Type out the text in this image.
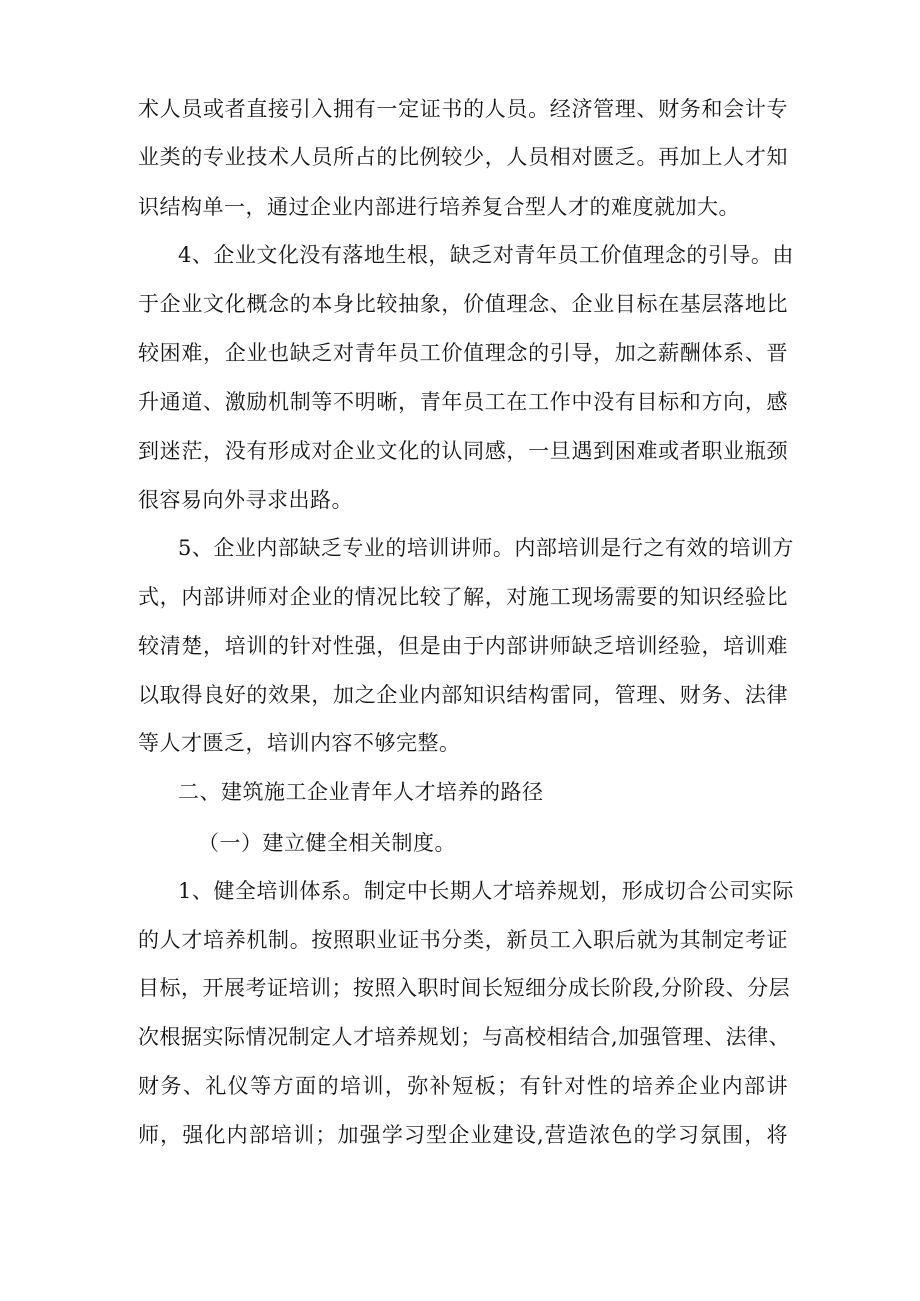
术人员或者直接引入拥有一定证书的人员。经济管理、财务和会计专
业类的专业技术人员所占的比例较少，人员相对匮乏。再加上人才知
识结构单一，通过企业内部进行培养复合型人才的难度就加大。
4、企业文化没有落地生根，缺乏对青年员工价值理念的引导。由
于企业文化概念的本身比较抽象，价值理念、企业目标在基层落地比
较困难，企业也缺乏对青年员工价值理念的引导，加之薪酬体系、晋
升通道、激励机制等不明晰，青年员工在工作中没有目标和方向，感
到迷茫，没有形成对企业文化的认同感，一旦遇到困难或者职业瓶颈
很容易向外寻求出路。
5、企业内部缺乏专业的培训讲师。内部培训是行之有效的培训方
式，内部讲师对企业的情况比较了解，对施工现场需要的知识经验比
较清楚，培训的针对性强，但是由于内部讲师缺乏培训经验，培训难
以取得良好的效果，加之企业内部知识结构雷同，管理、财务、法律
等人才匮乏，培训内容不够完整。
二、建筑施工企业青年人才培养的路径
（一）建立健全相关制度。
1、健全培训体系。制定中长期人才培养规划，形成切合公司实际
的人才培养机制。按照职业证书分类，新员工入职后就为其制定考证
目标，开展考证培训；按照入职时间长短细分成长阶段,分阶段、分层
次根据实际情况制定人才培养规划；与高校相结合,加强管理、法律、
财务、礼仪等方面的培训，弥补短板；有针对性的培养企业内部讲
师，强化内部培训；加强学习型企业建设,营造浓色的学习氛围，将
